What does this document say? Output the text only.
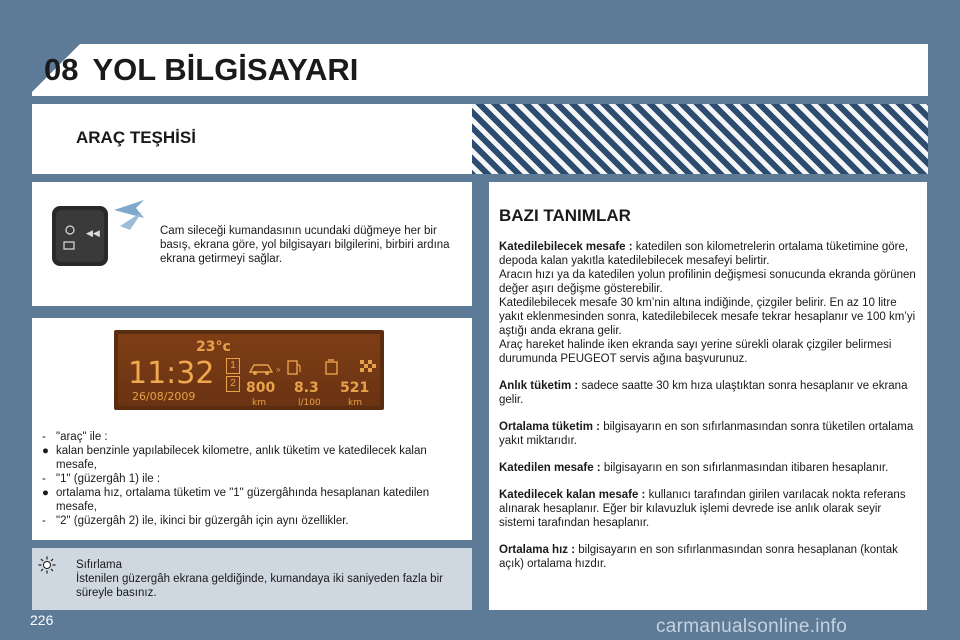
08 YOL BİLGİSAYARI
ARAÇ TEŞHİSİ
◀◀	Cam sileceği kumandasının ucundaki düğmeye her bir basış, ekrana göre, yol bilgisayarı bilgilerini, birbiri ardına ekrana getirmeyi sağlar.
23°c
11:32
26/08/2009
1
2
»
800
km
8.3
l/100
521
km
- "araç" ile :
● kalan benzinle yapılabilecek kilometre, anlık tüketim ve katedilecek kalan mesafe,
- "1" (güzergâh 1) ile :
● ortalama hız, ortalama tüketim ve "1" güzergâhında hesaplanan katedilen mesafe,
- "2" (güzergâh 2) ile, ikinci bir güzergâh için aynı özellikler.
Sıfırlama
İstenilen güzergâh ekrana geldiğinde, kumandaya iki saniyeden fazla bir süreyle basınız.
BAZI TANIMLAR

Katedilebilecek mesafe : katedilen son kilometrelerin ortalama tüketimine göre, depoda kalan yakıtla katedilebilecek mesafeyi belirtir.
Aracın hızı ya da katedilen yolun profilinin değişmesi sonucunda ekranda görünen değer aşırı değişme gösterebilir.
Katedilebilecek mesafe 30 km’nin altına indiğinde, çizgiler belirir. En az 10 litre yakıt eklenmesinden sonra, katedilebilecek mesafe tekrar hesaplanır ve 100 km’yi aştığı anda ekrana gelir.
Araç hareket halinde iken ekranda sayı yerine sürekli olarak çizgiler belirmesi durumunda PEUGEOT servis ağına başvurunuz.

Anlık tüketim : sadece saatte 30 km hıza ulaştıktan sonra hesaplanır ve ekrana gelir.

Ortalama tüketim : bilgisayarın en son sıfırlanmasından sonra tüketilen ortalama yakıt miktarıdır.

Katedilen mesafe : bilgisayarın en son sıfırlanmasından itibaren hesaplanır.

Katedilecek kalan mesafe : kullanıcı tarafından girilen varılacak nokta referans alınarak hesaplanır. Eğer bir kılavuzluk işlemi devrede ise anlık olarak seyir sistemi tarafından hesaplanır.

Ortalama hız : bilgisayarın en son sıfırlanmasından sonra hesaplanan (kontak açık) ortalama hızdır.

226	carmanualsonline.info
